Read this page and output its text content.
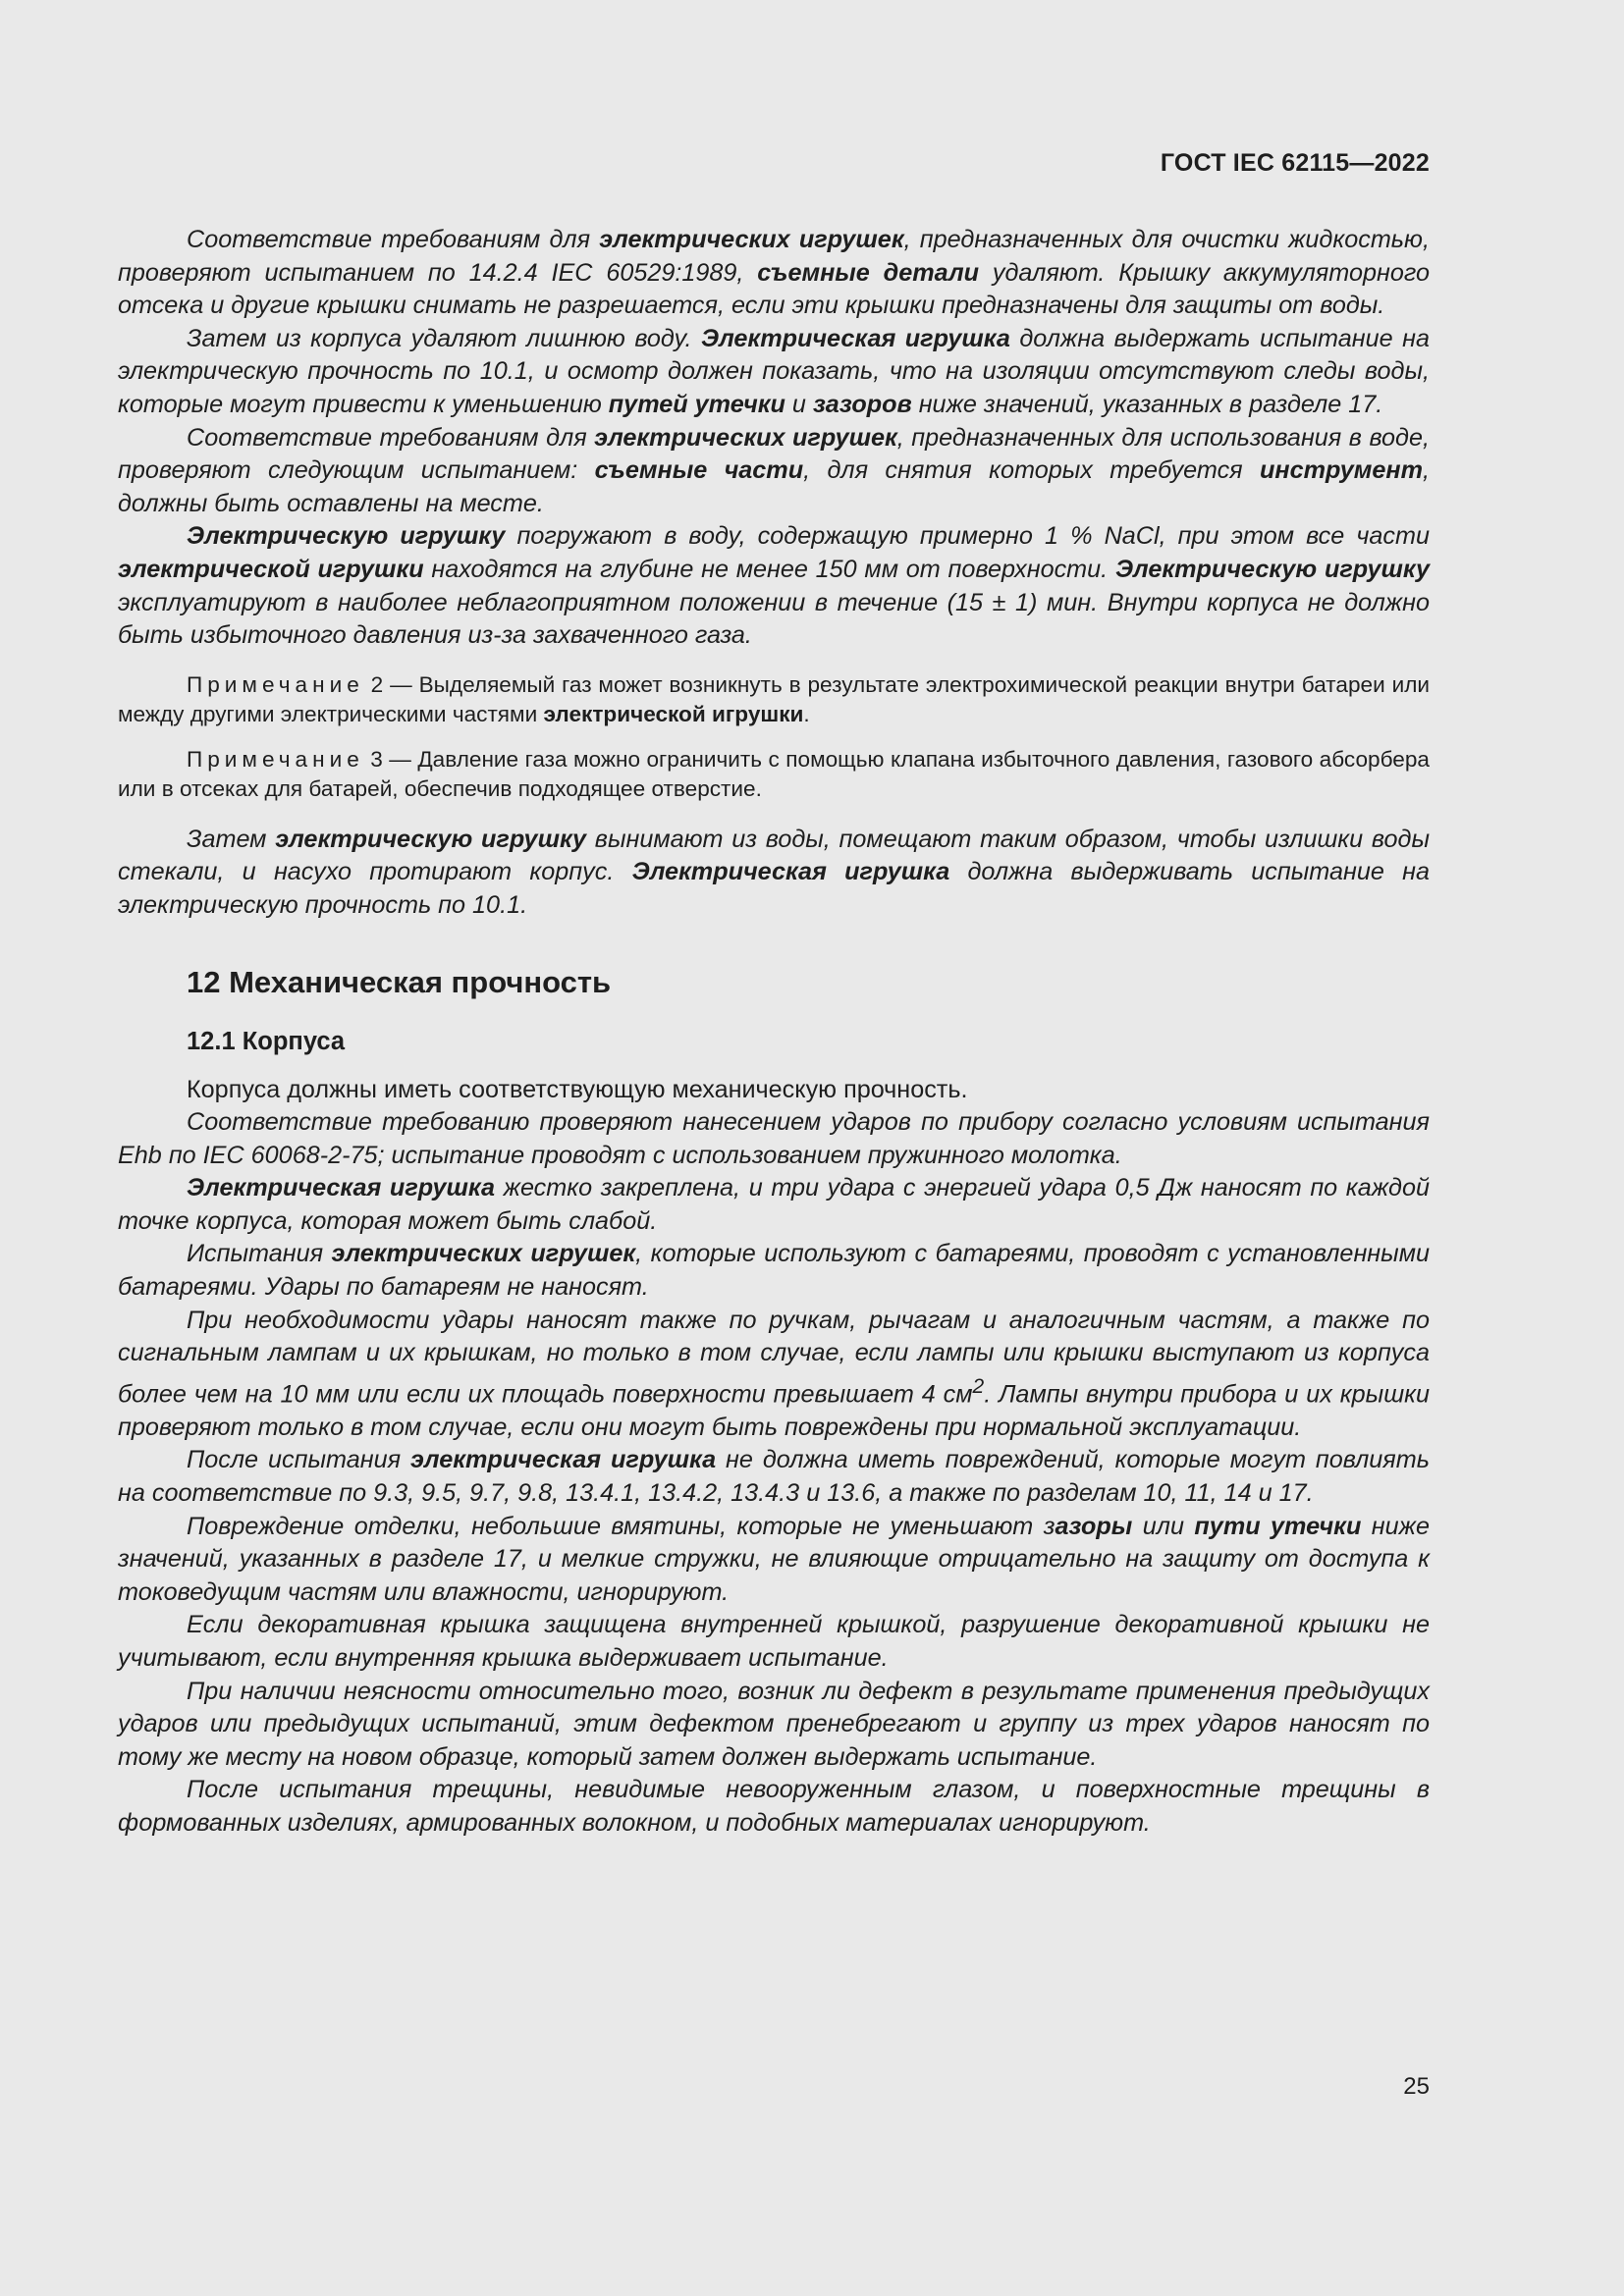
ГОСТ IEC 62115—2022

Соответствие требованиям для электрических игрушек, предназначенных для очистки жидкостью, проверяют испытанием по 14.2.4 IEC 60529:1989, съемные детали удаляют. Крышку аккумуляторного отсека и другие крышки снимать не разрешается, если эти крышки предназначены для защиты от воды.

Затем из корпуса удаляют лишнюю воду. Электрическая игрушка должна выдержать испытание на электрическую прочность по 10.1, и осмотр должен показать, что на изоляции отсутствуют следы воды, которые могут привести к уменьшению путей утечки и зазоров ниже значений, указанных в разделе 17.

Соответствие требованиям для электрических игрушек, предназначенных для использования в воде, проверяют следующим испытанием: съемные части, для снятия которых требуется инструмент, должны быть оставлены на месте.

Электрическую игрушку погружают в воду, содержащую примерно 1 % NaCl, при этом все части электрической игрушки находятся на глубине не менее 150 мм от поверхности. Электрическую игрушку эксплуатируют в наиболее неблагоприятном положении в течение (15 ± 1) мин. Внутри корпуса не должно быть избыточного давления из-за захваченного газа.

Примечание 2 — Выделяемый газ может возникнуть в результате электрохимической реакции внутри батареи или между другими электрическими частями электрической игрушки.

Примечание 3 — Давление газа можно ограничить с помощью клапана избыточного давления, газового абсорбера или в отсеках для батарей, обеспечив подходящее отверстие.

Затем электрическую игрушку вынимают из воды, помещают таким образом, чтобы излишки воды стекали, и насухо протирают корпус. Электрическая игрушка должна выдерживать испытание на электрическую прочность по 10.1.

12 Механическая прочность
12.1 Корпуса

Корпуса должны иметь соответствующую механическую прочность.

Соответствие требованию проверяют нанесением ударов по прибору согласно условиям испытания Ehb по IEC 60068-2-75; испытание проводят с использованием пружинного молотка.

Электрическая игрушка жестко закреплена, и три удара с энергией удара 0,5 Дж наносят по каждой точке корпуса, которая может быть слабой.

Испытания электрических игрушек, которые используют с батареями, проводят с установленными батареями. Удары по батареям не наносят.

При необходимости удары наносят также по ручкам, рычагам и аналогичным частям, а также по сигнальным лампам и их крышкам, но только в том случае, если лампы или крышки выступают из корпуса более чем на 10 мм или если их площадь поверхности превышает 4 $см^2$. Лампы внутри прибора и их крышки проверяют только в том случае, если они могут быть повреждены при нормальной эксплуатации.

После испытания электрическая игрушка не должна иметь повреждений, которые могут повлиять на соответствие по 9.3, 9.5, 9.7, 9.8, 13.4.1, 13.4.2, 13.4.3 и 13.6, а также по разделам 10, 11, 14 и 17.

Повреждение отделки, небольшие вмятины, которые не уменьшают зазоры или пути утечки ниже значений, указанных в разделе 17, и мелкие стружки, не влияющие отрицательно на защиту от доступа к токоведущим частям или влажности, игнорируют.

Если декоративная крышка защищена внутренней крышкой, разрушение декоративной крышки не учитывают, если внутренняя крышка выдерживает испытание.

При наличии неясности относительно того, возник ли дефект в результате применения предыдущих ударов или предыдущих испытаний, этим дефектом пренебрегают и группу из трех ударов наносят по тому же месту на новом образце, который затем должен выдержать испытание.

После испытания трещины, невидимые невооруженным глазом, и поверхностные трещины в формованных изделиях, армированных волокном, и подобных материалах игнорируют.

25
